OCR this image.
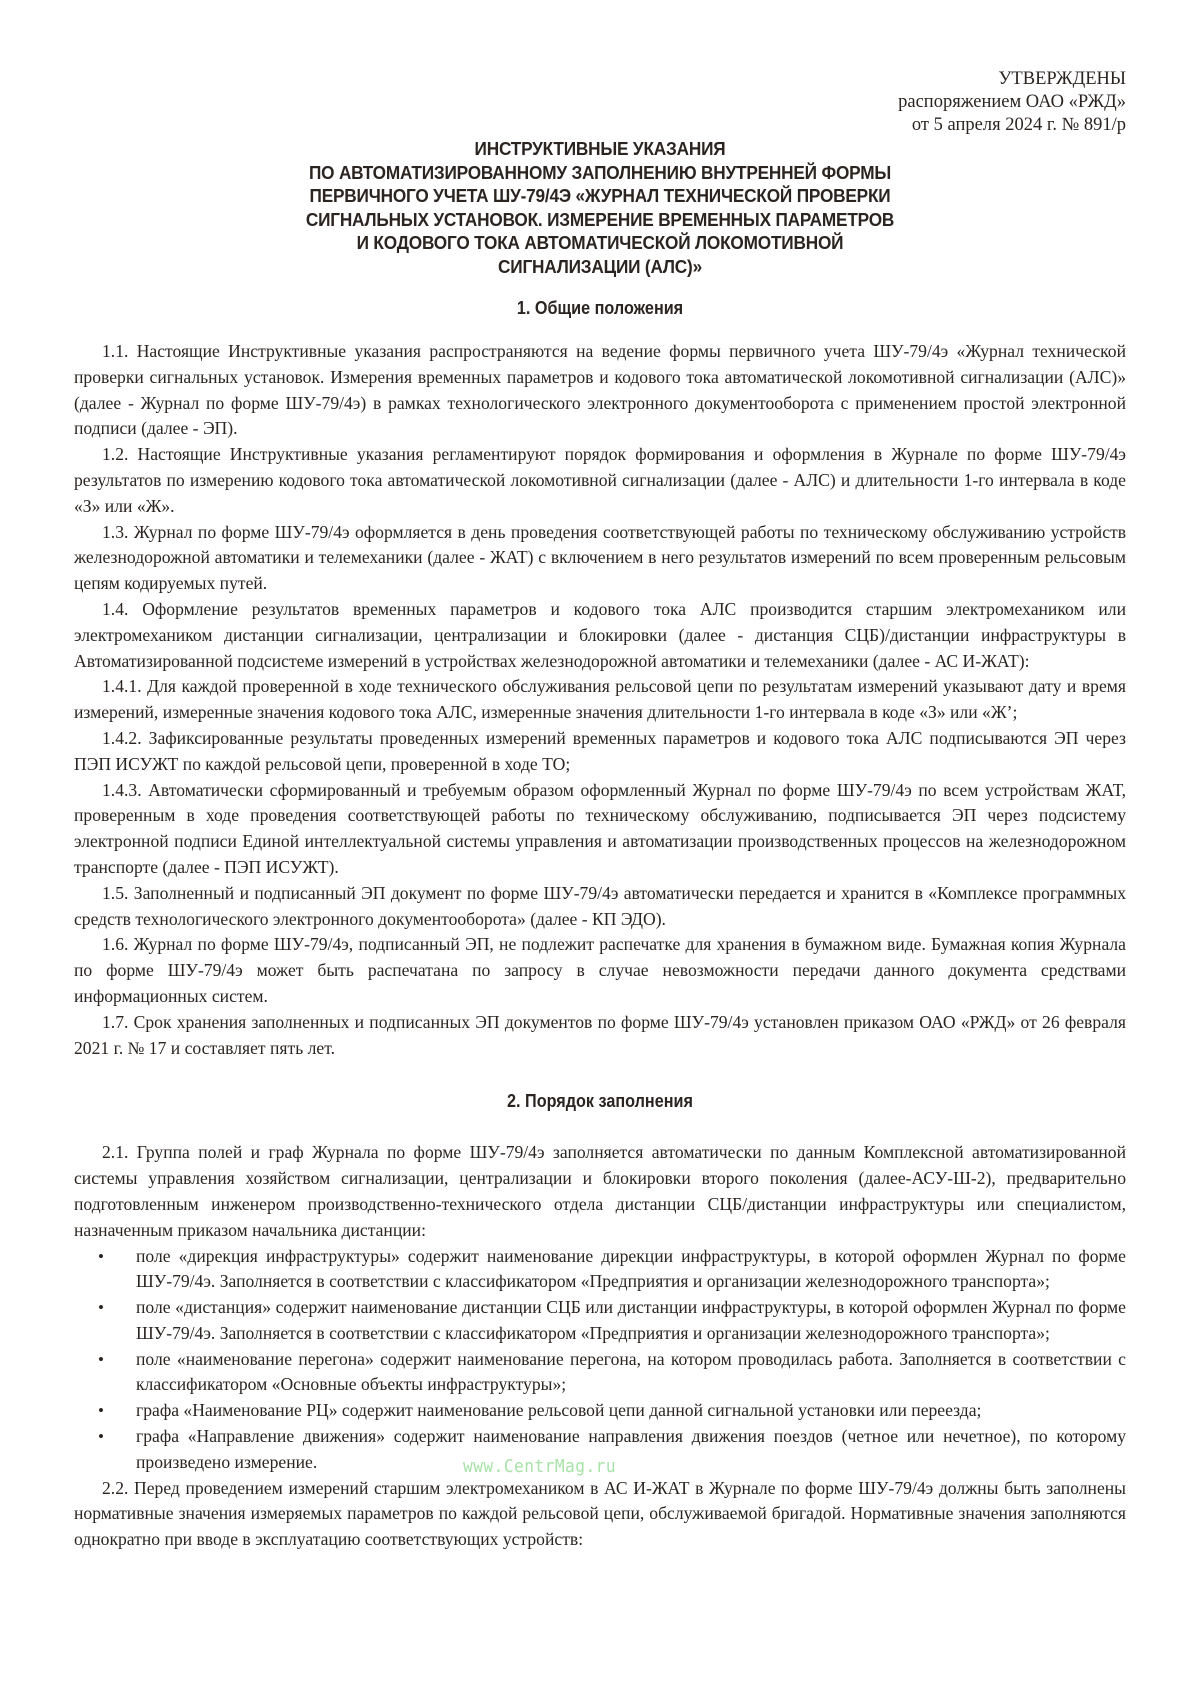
УТВЕРЖДЕНЫ
распоряжением ОАО «РЖД»
от 5 апреля 2024 г. № 891/р
ИНСТРУКТИВНЫЕ УКАЗАНИЯ
ПО АВТОМАТИЗИРОВАННОМУ ЗАПОЛНЕНИЮ ВНУТРЕННЕЙ ФОРМЫ
ПЕРВИЧНОГО УЧЕТА ШУ-79/4Э «ЖУРНАЛ ТЕХНИЧЕСКОЙ ПРОВЕРКИ
СИГНАЛЬНЫХ УСТАНОВОК. ИЗМЕРЕНИЕ ВРЕМЕННЫХ ПАРАМЕТРОВ
И КОДОВОГО ТОКА АВТОМАТИЧЕСКОЙ ЛОКОМОТИВНОЙ
СИГНАЛИЗАЦИИ (АЛС)»
1. Общие положения

1.1. Настоящие Инструктивные указания распространяются на ведение формы первичного учета ШУ-79/4э «Журнал технической проверки сигнальных установок. Измерения временных параметров и кодового тока автоматической локомотивной сигнализации (АЛС)» (далее - Журнал по форме ШУ-79/4э) в рамках технологического электронного документооборота с применением простой электронной подписи (далее - ЭП).

1.2. Настоящие Инструктивные указания регламентируют порядок формирования и оформления в Журнале по форме ШУ-79/4э результатов по измерению кодового тока автоматической локомотивной сигнализации (далее - АЛС) и длительности 1-го интервала в коде «З» или «Ж».

1.3. Журнал по форме ШУ-79/4э оформляется в день проведения соответствующей работы по техническому обслуживанию устройств железнодорожной автоматики и телемеханики (далее - ЖАТ) с включением в него результатов измерений по всем проверенным рельсовым цепям кодируемых путей.

1.4. Оформление результатов временных параметров и кодового тока АЛС производится старшим электромехаником или электромехаником дистанции сигнализации, централизации и блокировки (далее - дистанция СЦБ)/дистанции инфраструктуры в Автоматизированной подсистеме измерений в устройствах железнодорожной автоматики и телемеханики (далее - АС И-ЖАТ):

1.4.1. Для каждой проверенной в ходе технического обслуживания рельсовой цепи по результатам измерений указывают дату и время измерений, измеренные значения кодового тока АЛС, измеренные значения длительности 1-го интервала в коде «З» или «Ж’;

1.4.2. Зафиксированные результаты проведенных измерений временных параметров и кодового тока АЛС подписываются ЭП через ПЭП ИСУЖТ по каждой рельсовой цепи, проверенной в ходе ТО;

1.4.3. Автоматически сформированный и требуемым образом оформленный Журнал по форме ШУ-79/4э по всем устройствам ЖАТ, проверенным в ходе проведения соответствующей работы по техническому обслуживанию, подписывается ЭП через подсистему электронной подписи Единой интеллектуальной системы управления и автоматизации производственных процессов на железнодорожном транспорте (далее - ПЭП ИСУЖТ).

1.5. Заполненный и подписанный ЭП документ по форме ШУ-79/4э автоматически передается и хранится в «Комплексе программных средств технологического электронного документооборота» (далее - КП ЭДО).

1.6. Журнал по форме ШУ-79/4э, подписанный ЭП, не подлежит распечатке для хранения в бумажном виде. Бумажная копия Журнала по форме ШУ-79/4э может быть распечатана по запросу в случае невозможности передачи данного документа средствами информационных систем.

1.7. Срок хранения заполненных и подписанных ЭП документов по форме ШУ-79/4э установлен приказом ОАО «РЖД» от 26 февраля 2021 г. № 17 и составляет пять лет.

2. Порядок заполнения

2.1. Группа полей и граф Журнала по форме ШУ-79/4э заполняется автоматически по данным Комплексной автоматизированной системы управления хозяйством сигнализации, централизации и блокировки второго поколения (далее-АСУ-Ш-2), предварительно подготовленным инженером производственно-технического отдела дистанции СЦБ/дистанции инфраструктуры или специалистом, назначенным приказом начальника дистанции:

• поле «дирекция инфраструктуры» содержит наименование дирекции инфраструктуры, в которой оформлен Журнал по форме ШУ-79/4э. Заполняется в соответствии с классификатором «Предприятия и организации железнодорожного транспорта»;
• поле «дистанция» содержит наименование дистанции СЦБ или дистанции инфраструктуры, в которой оформлен Журнал по форме ШУ-79/4э. Заполняется в соответствии с классификатором «Предприятия и организации железнодорожного транспорта»;
• поле «наименование перегона» содержит наименование перегона, на котором проводилась работа. Заполняется в соответствии с классификатором «Основные объекты инфраструктуры»;
• графа «Наименование РЦ» содержит наименование рельсовой цепи данной сигнальной установки или переезда;
• графа «Направление движения» содержит наименование направления движения поездов (четное или нечетное), по которому произведено измерение.

2.2. Перед проведением измерений старшим электромехаником в АС И-ЖАТ в Журнале по форме ШУ-79/4э должны быть заполнены нормативные значения измеряемых параметров по каждой рельсовой цепи, обслуживаемой бригадой. Нормативные значения заполняются однократно при вводе в эксплуатацию соответствующих устройств:

www.CentrMag.ru
